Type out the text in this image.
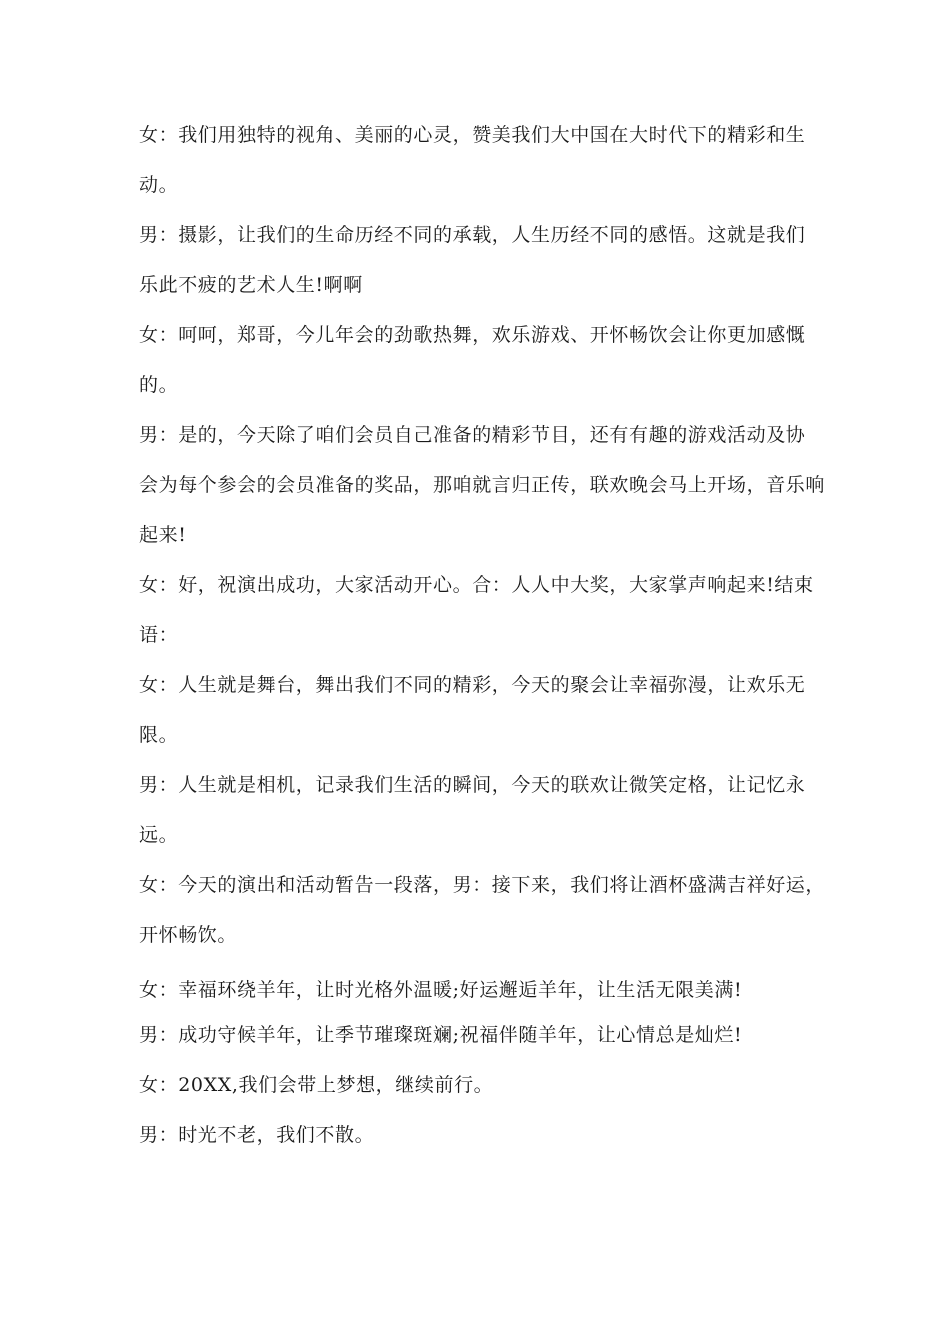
女：我们用独特的视角、美丽的心灵，赞美我们大中国在大时代下的精彩和生
动。
男：摄影，让我们的生命历经不同的承载，人生历经不同的感悟。这就是我们
乐此不疲的艺术人生!啊啊
女：呵呵，郑哥，今儿年会的劲歌热舞，欢乐游戏、开怀畅饮会让你更加感慨
的。
男：是的，今天除了咱们会员自己准备的精彩节目，还有有趣的游戏活动及协
会为每个参会的会员准备的奖品，那咱就言归正传，联欢晚会马上开场，音乐响
起来!
女：好，祝演出成功，大家活动开心。合：人人中大奖，大家掌声响起来!结束
语：
女：人生就是舞台，舞出我们不同的精彩，今天的聚会让幸福弥漫，让欢乐无
限。
男：人生就是相机，记录我们生活的瞬间，今天的联欢让微笑定格，让记忆永
远。
女：今天的演出和活动暂告一段落，男：接下来，我们将让酒杯盛满吉祥好运，
开怀畅饮。
女：幸福环绕羊年，让时光格外温暖;好运邂逅羊年，让生活无限美满!
男：成功守候羊年，让季节璀璨斑斓;祝福伴随羊年，让心情总是灿烂!
女：20XX,我们会带上梦想，继续前行。
男：时光不老，我们不散。
